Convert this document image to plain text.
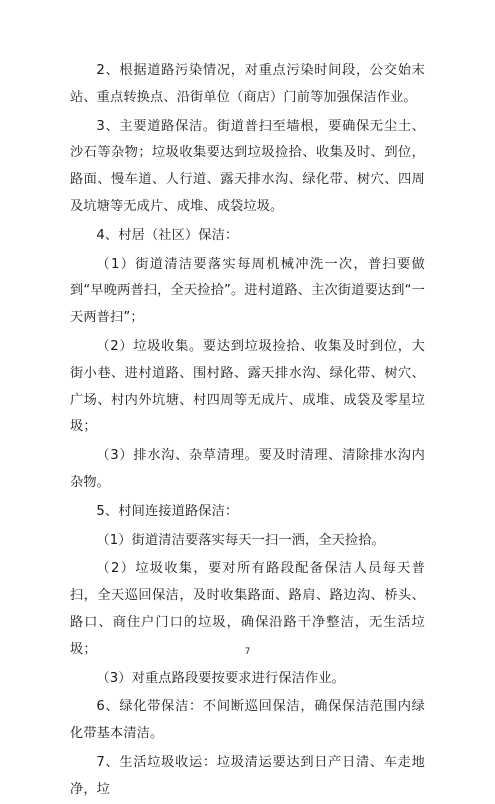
2、根据道路污染情况，对重点污染时间段，公交始末站、重点转换点、沿街单位（商店）门前等加强保洁作业。

3、主要道路保洁。街道普扫至墙根，要确保无尘土、沙石等杂物；垃圾收集要达到垃圾捡拾、收集及时、到位，路面、慢车道、人行道、露天排水沟、绿化带、树穴、四周及坑塘等无成片、成堆、成袋垃圾。

4、村居（社区）保洁：

（1）街道清洁要落实每周机械冲洗一次，普扫要做到“早晚两普扫，全天捡拾”。进村道路、主次街道要达到“一天两普扫”；

（2）垃圾收集。要达到垃圾捡拾、收集及时到位，大街小巷、进村道路、围村路、露天排水沟、绿化带、树穴、广场、村内外坑塘、村四周等无成片、成堆、成袋及零星垃圾；

（3）排水沟、杂草清理。要及时清理、清除排水沟内杂物。

5、村间连接道路保洁：

（1）街道清洁要落实每天一扫一洒，全天捡拾。

（2）垃圾收集，要对所有路段配备保洁人员每天普扫，全天巡回保洁，及时收集路面、路肩、路边沟、桥头、路口、商住户门口的垃圾，确保沿路干净整洁，无生活垃圾；

（3）对重点路段要按要求进行保洁作业。

6、绿化带保洁：不间断巡回保洁，确保保洁范围内绿化带基本清洁。

7、生活垃圾收运：垃圾清运要达到日产日清、车走地净，垃

7
